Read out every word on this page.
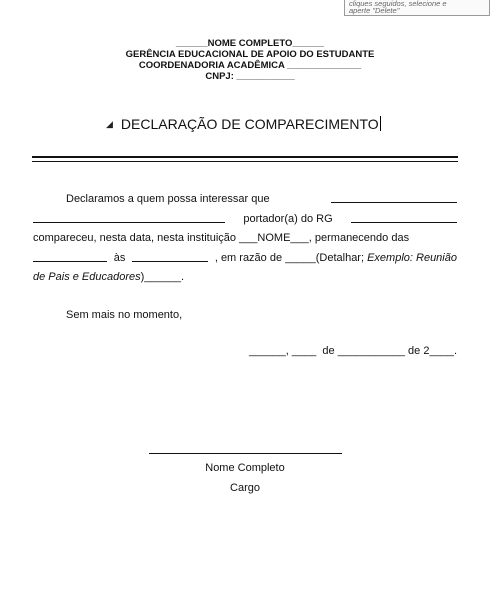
cliques seguidos, selecione e
aperte "Delete"
______NOME COMPLETO______
GERÊNCIA EDUCACIONAL DE APOIO DO ESTUDANTE
COORDENADORIA ACADÊMICA ______________
CNPJ: ___________
◢ DECLARAÇÃO DE COMPARECIMENTO
Declaramos a quem possa interessar que
portador(a) do RG
compareceu, nesta data, nesta instituição ___NOME___, permanecendo das
às	, em razão de _____(Detalhar; Exemplo: Reunião
de Pais e Educadores )______.
Sem mais no momento,
______, ____  de ___________ de 2____.
Nome Completo
Cargo
